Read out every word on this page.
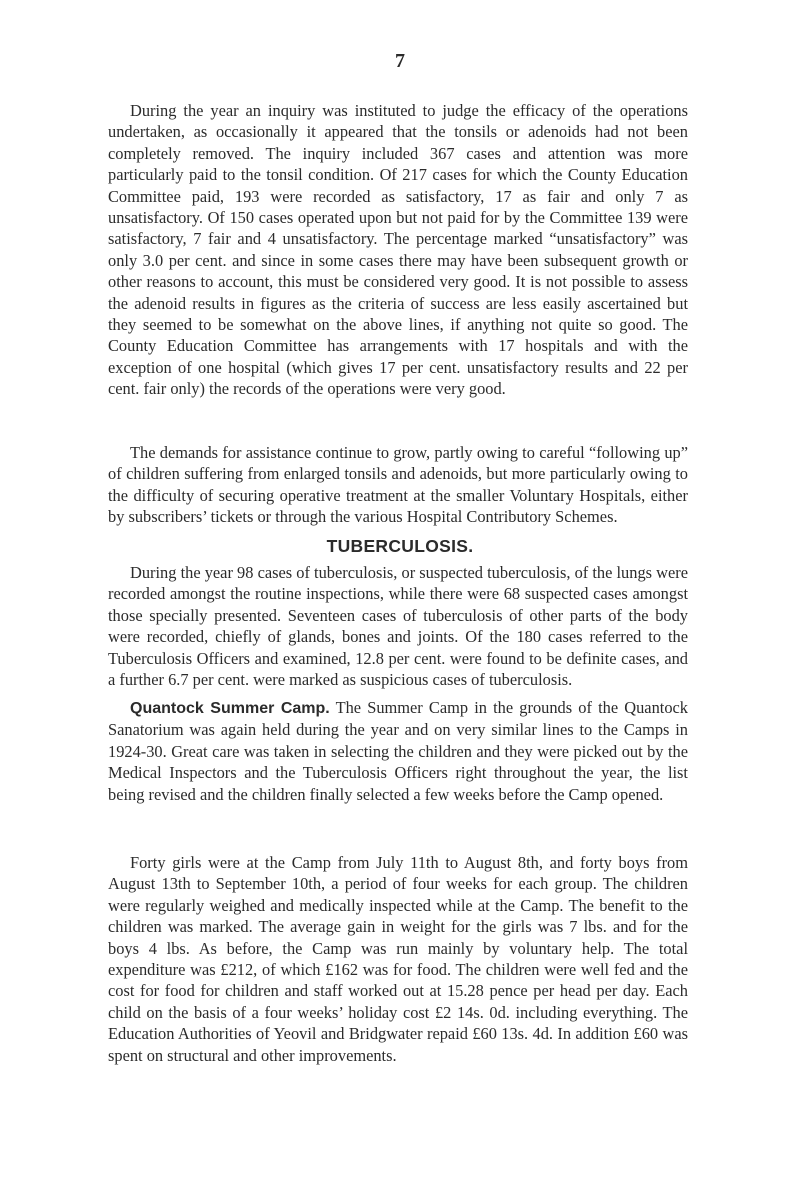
7

During the year an inquiry was instituted to judge the efficacy of the operations undertaken, as occasionally it appeared that the tonsils or adenoids had not been completely removed. The inquiry included 367 cases and attention was more particularly paid to the tonsil condition. Of 217 cases for which the County Education Committee paid, 193 were recorded as satisfactory, 17 as fair and only 7 as unsatisfactory. Of 150 cases operated upon but not paid for by the Committee 139 were satisfactory, 7 fair and 4 unsatisfactory. The percentage marked “unsatisfactory” was only 3.0 per cent. and since in some cases there may have been subsequent growth or other reasons to account, this must be considered very good. It is not possible to assess the adenoid results in figures as the criteria of success are less easily ascertained but they seemed to be somewhat on the above lines, if anything not quite so good. The County Education Committee has arrangements with 17 hospitals and with the exception of one hospital (which gives 17 per cent. unsatisfactory results and 22 per cent. fair only) the records of the operations were very good.

The demands for assistance continue to grow, partly owing to careful “following up” of children suffering from enlarged tonsils and adenoids, but more particularly owing to the difficulty of securing operative treatment at the smaller Voluntary Hospitals, either by subscribers’ tickets or through the various Hospital Contributory Schemes.

TUBERCULOSIS.

During the year 98 cases of tuberculosis, or suspected tuberculosis, of the lungs were recorded amongst the routine inspections, while there were 68 suspected cases amongst those specially presented. Seventeen cases of tuberculosis of other parts of the body were recorded, chiefly of glands, bones and joints. Of the 180 cases referred to the Tuberculosis Officers and examined, 12.8 per cent. were found to be definite cases, and a further 6.7 per cent. were marked as suspicious cases of tuberculosis.

Quantock Summer Camp. The Summer Camp in the grounds of the Quantock Sanatorium was again held during the year and on very similar lines to the Camps in 1924-30. Great care was taken in selecting the children and they were picked out by the Medical Inspectors and the Tuberculosis Officers right throughout the year, the list being revised and the children finally selected a few weeks before the Camp opened.

Forty girls were at the Camp from July 11th to August 8th, and forty boys from August 13th to September 10th, a period of four weeks for each group. The children were regularly weighed and medically inspected while at the Camp. The benefit to the children was marked. The average gain in weight for the girls was 7 lbs. and for the boys 4 lbs. As before, the Camp was run mainly by voluntary help. The total expenditure was £212, of which £162 was for food. The children were well fed and the cost for food for children and staff worked out at 15.28 pence per head per day. Each child on the basis of a four weeks’ holiday cost £2 14s. 0d. including everything. The Education Authorities of Yeovil and Bridgwater repaid £60 13s. 4d. In addition £60 was spent on structural and other improvements.
